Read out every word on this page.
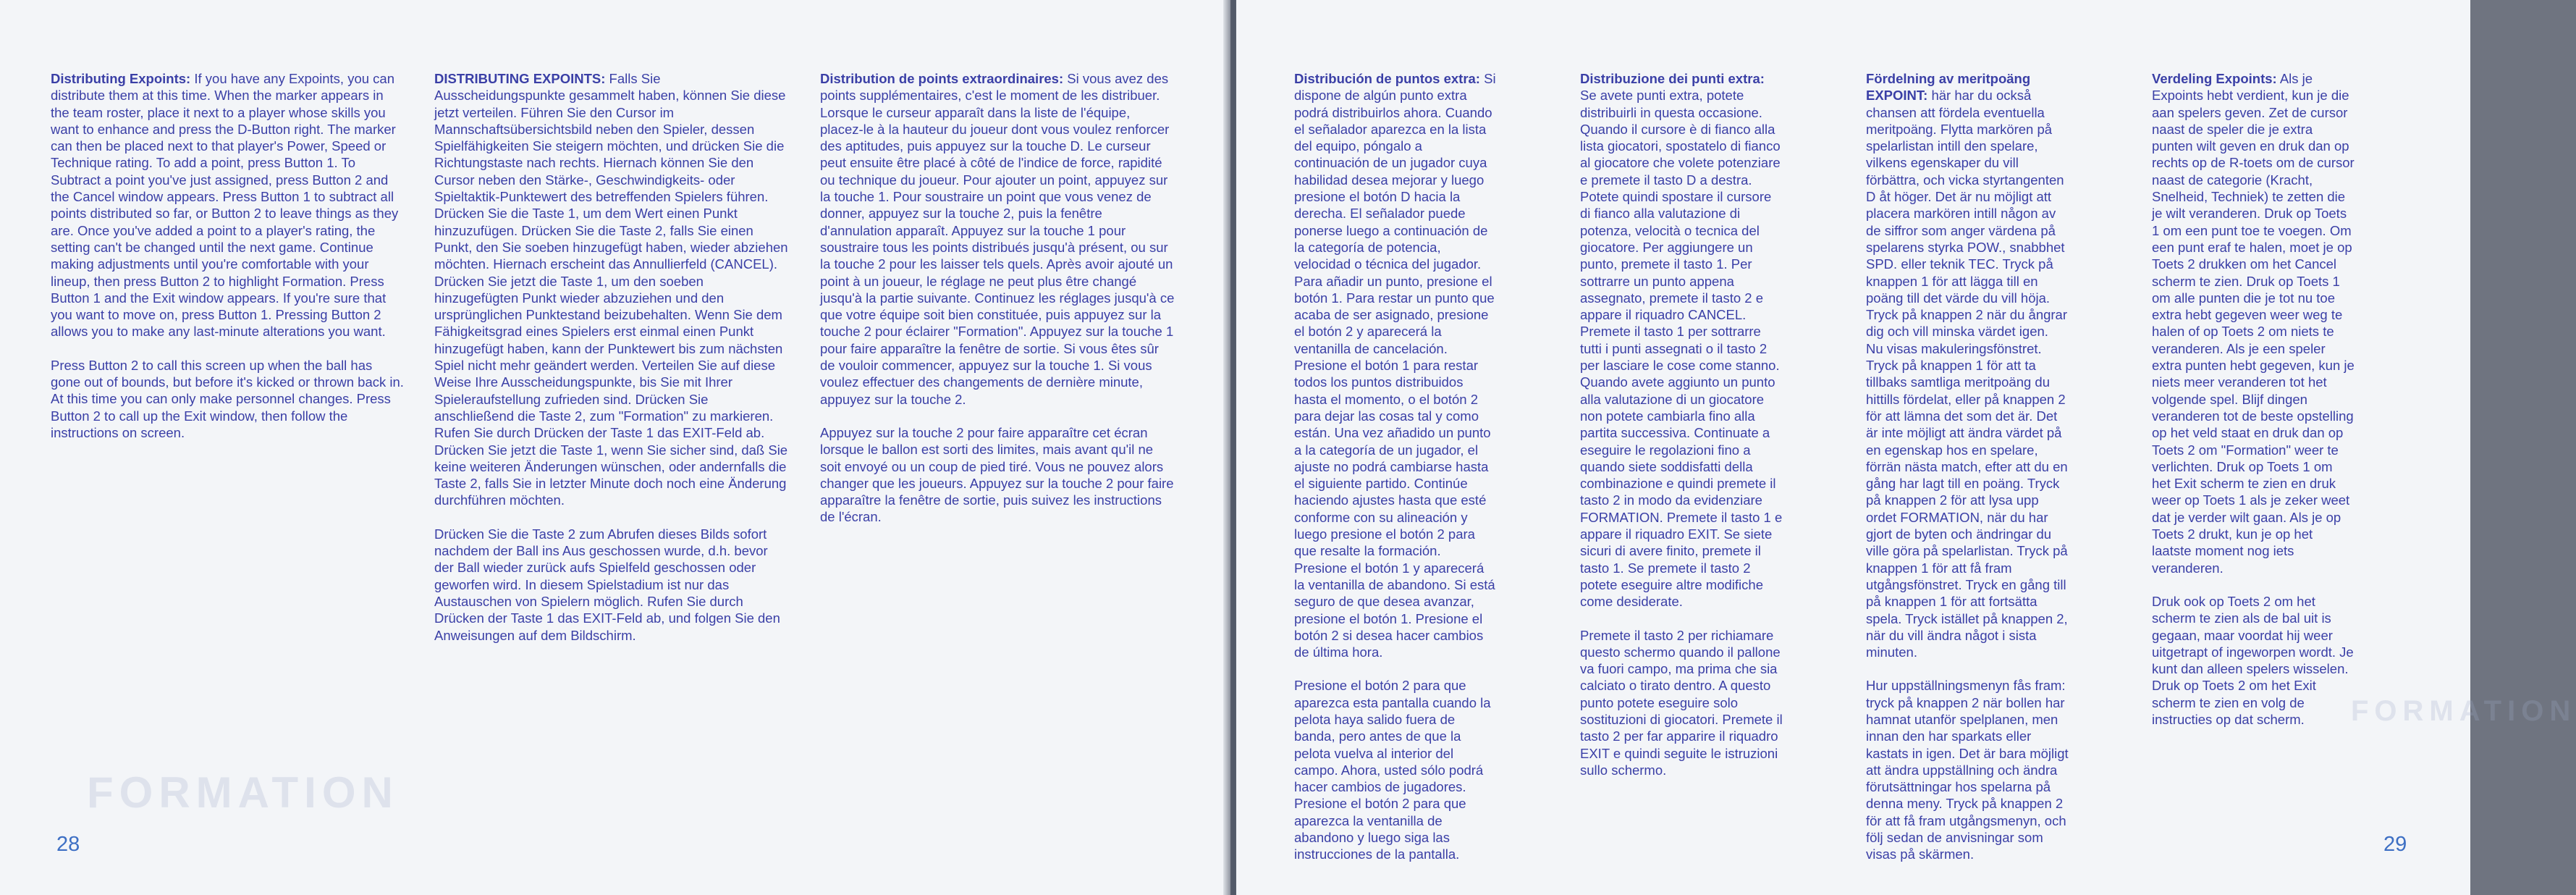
FORMATION

Distributing Expoints: If you have any Expoints, you can distribute them at this time. When the marker appears in the team roster, place it next to a player whose skills you want to enhance and press the D-Button right. The marker can then be placed next to that player's Power, Speed or Technique rating. To add a point, press Button 1. To Subtract a point you've just assigned, press Button 2 and the Cancel window appears. Press Button 1 to subtract all points distributed so far, or Button 2 to leave things as they are. Once you've added a point to a player's rating, the setting can't be changed until the next game. Continue making adjustments until you're comfortable with your lineup, then press Button 2 to highlight Formation. Press Button 1 and the Exit window appears. If you're sure that you want to move on, press Button 1. Pressing Button 2 allows you to make any last-minute alterations you want.

Press Button 2 to call this screen up when the ball has gone out of bounds, but before it's kicked or thrown back in. At this time you can only make personnel changes. Press Button 2 to call up the Exit window, then follow the instructions on screen.

DISTRIBUTING EXPOINTS: Falls Sie Ausscheidungspunkte gesammelt haben, können Sie diese jetzt verteilen. Führen Sie den Cursor im Mannschaftsübersichtsbild neben den Spieler, dessen Spielfähigkeiten Sie steigern möchten, und drücken Sie die Richtungstaste nach rechts. Hiernach können Sie den Cursor neben den Stärke-, Geschwindigkeits- oder Spieltaktik-Punktewert des betreffenden Spielers führen. Drücken Sie die Taste 1, um dem Wert einen Punkt hinzuzufügen. Drücken Sie die Taste 2, falls Sie einen Punkt, den Sie soeben hinzugefügt haben, wieder abziehen möchten. Hiernach erscheint das Annullierfeld (CANCEL). Drücken Sie jetzt die Taste 1, um den soeben hinzugefügten Punkt wieder abzuziehen und den ursprünglichen Punktestand beizubehalten. Wenn Sie dem Fähigkeitsgrad eines Spielers erst einmal einen Punkt hinzugefügt haben, kann der Punktewert bis zum nächsten Spiel nicht mehr geändert werden. Verteilen Sie auf diese Weise Ihre Ausscheidungspunkte, bis Sie mit Ihrer Spieleraufstellung zufrieden sind. Drücken Sie anschließend die Taste 2, zum "Formation" zu markieren. Rufen Sie durch Drücken der Taste 1 das EXIT-Feld ab. Drücken Sie jetzt die Taste 1, wenn Sie sicher sind, daß Sie keine weiteren Änderungen wünschen, oder andernfalls die Taste 2, falls Sie in letzter Minute doch noch eine Änderung durchführen möchten.

Drücken Sie die Taste 2 zum Abrufen dieses Bilds sofort nachdem der Ball ins Aus geschossen wurde, d.h. bevor der Ball wieder zurück aufs Spielfeld geschossen oder geworfen wird. In diesem Spielstadium ist nur das Austauschen von Spielern möglich. Rufen Sie durch Drücken der Taste 1 das EXIT-Feld ab, und folgen Sie den Anweisungen auf dem Bildschirm.

Distribution de points extraordinaires: Si vous avez des points supplémentaires, c'est le moment de les distribuer. Lorsque le curseur apparaît dans la liste de l'équipe, placez-le à la hauteur du joueur dont vous voulez renforcer des aptitudes, puis appuyez sur la touche D. Le curseur peut ensuite être placé à côté de l'indice de force, rapidité ou technique du joueur. Pour ajouter un point, appuyez sur la touche 1. Pour soustraire un point que vous venez de donner, appuyez sur la touche 2, puis la fenêtre d'annulation apparaît. Appuyez sur la touche 1 pour soustraire tous les points distribués jusqu'à présent, ou sur la touche 2 pour les laisser tels quels. Après avoir ajouté un point à un joueur, le réglage ne peut plus être changé jusqu'à la partie suivante. Continuez les réglages jusqu'à ce que votre équipe soit bien constituée, puis appuyez sur la touche 2 pour éclairer "Formation". Appuyez sur la touche 1 pour faire apparaître la fenêtre de sortie. Si vous êtes sûr de vouloir commencer, appuyez sur la touche 1. Si vous voulez effectuer des changements de dernière minute, appuyez sur la touche 2.

Appuyez sur la touche 2 pour faire apparaître cet écran lorsque le ballon est sorti des limites, mais avant qu'il ne soit envoyé ou un coup de pied tiré. Vous ne pouvez alors changer que les joueurs. Appuyez sur la touche 2 pour faire apparaître la fenêtre de sortie, puis suivez les instructions de l'écran.

28
FORMATION

Distribución de puntos extra: Si dispone de algún punto extra podrá distribuirlos ahora. Cuando el señalador aparezca en la lista del equipo, póngalo a continuación de un jugador cuya habilidad desea mejorar y luego presione el botón D hacia la derecha. El señalador puede ponerse luego a continuación de la categoría de potencia, velocidad o técnica del jugador. Para añadir un punto, presione el botón 1. Para restar un punto que acaba de ser asignado, presione el botón 2 y aparecerá la ventanilla de cancelación. Presione el botón 1 para restar todos los puntos distribuidos hasta el momento, o el botón 2 para dejar las cosas tal y como están. Una vez añadido un punto a la categoría de un jugador, el ajuste no podrá cambiarse hasta el siguiente partido. Continúe haciendo ajustes hasta que esté conforme con su alineación y luego presione el botón 2 para que resalte la formación. Presione el botón 1 y aparecerá la ventanilla de abandono. Si está seguro de que desea avanzar, presione el botón 1. Presione el botón 2 si desea hacer cambios de última hora.

Presione el botón 2 para que aparezca esta pantalla cuando la pelota haya salido fuera de banda, pero antes de que la pelota vuelva al interior del campo. Ahora, usted sólo podrá hacer cambios de jugadores. Presione el botón 2 para que aparezca la ventanilla de abandono y luego siga las instrucciones de la pantalla.

Distribuzione dei punti extra: Se avete punti extra, potete distribuirli in questa occasione. Quando il cursore è di fianco alla lista giocatori, spostatelo di fianco al giocatore che volete potenziare e premete il tasto D a destra. Potete quindi spostare il cursore di fianco alla valutazione di potenza, velocità o tecnica del giocatore. Per aggiungere un punto, premete il tasto 1. Per sottrarre un punto appena assegnato, premete il tasto 2 e appare il riquadro CANCEL. Premete il tasto 1 per sottrarre tutti i punti assegnati o il tasto 2 per lasciare le cose come stanno. Quando avete aggiunto un punto alla valutazione di un giocatore non potete cambiarla fino alla partita successiva. Continuate a eseguire le regolazioni fino a quando siete soddisfatti della combinazione e quindi premete il tasto 2 in modo da evidenziare FORMATION. Premete il tasto 1 e appare il riquadro EXIT. Se siete sicuri di avere finito, premete il tasto 1. Se premete il tasto 2 potete eseguire altre modifiche come desiderate.

Premete il tasto 2 per richiamare questo schermo quando il pallone va fuori campo, ma prima che sia calciato o tirato dentro. A questo punto potete eseguire solo sostituzioni di giocatori. Premete il tasto 2 per far apparire il riquadro EXIT e quindi seguite le istruzioni sullo schermo.

Fördelning av meritpoäng EXPOINT: här har du också chansen att fördela eventuella meritpoäng. Flytta markören på spelarlistan intill den spelare, vilkens egenskaper du vill förbättra, och vicka styrtangenten D åt höger. Det är nu möjligt att placera markören intill någon av de siffror som anger värdena på spelarens styrka POW., snabbhet SPD. eller teknik TEC. Tryck på knappen 1 för att lägga till en poäng till det värde du vill höja. Tryck på knappen 2 när du ångrar dig och vill minska värdet igen. Nu visas makuleringsfönstret. Tryck på knappen 1 för att ta tillbaks samtliga meritpoäng du hittills fördelat, eller på knappen 2 för att lämna det som det är. Det är inte möjligt att ändra värdet på en egenskap hos en spelare, förrän nästa match, efter att du en gång har lagt till en poäng. Tryck på knappen 2 för att lysa upp ordet FORMATION, när du har gjort de byten och ändringar du ville göra på spelarlistan. Tryck på knappen 1 för att få fram utgångsfönstret. Tryck en gång till på knappen 1 för att fortsätta spela. Tryck istället på knappen 2, när du vill ändra något i sista minuten.

Hur uppställningsmenyn fås fram: tryck på knappen 2 när bollen har hamnat utanför spelplanen, men innan den har sparkats eller kastats in igen. Det är bara möjligt att ändra uppställning och ändra förutsättningar hos spelarna på denna meny. Tryck på knappen 2 för att få fram utgångsmenyn, och följ sedan de anvisningar som visas på skärmen.

Verdeling Expoints: Als je Expoints hebt verdient, kun je die aan spelers geven. Zet de cursor naast de speler die je extra punten wilt geven en druk dan op rechts op de R-toets om de cursor naast de categorie (Kracht, Snelheid, Techniek) te zetten die je wilt veranderen. Druk op Toets 1 om een punt toe te voegen. Om een punt eraf te halen, moet je op Toets 2 drukken om het Cancel scherm te zien. Druk op Toets 1 om alle punten die je tot nu toe extra hebt gegeven weer weg te halen of op Toets 2 om niets te veranderen. Als je een speler extra punten hebt gegeven, kun je niets meer veranderen tot het volgende spel. Blijf dingen veranderen tot de beste opstelling op het veld staat en druk dan op Toets 2 om "Formation" weer te verlichten. Druk op Toets 1 om het Exit scherm te zien en druk weer op Toets 1 als je zeker weet dat je verder wilt gaan. Als je op Toets 2 drukt, kun je op het laatste moment nog iets veranderen.

Druk ook op Toets 2 om het scherm te zien als de bal uit is gegaan, maar voordat hij weer uitgetrapt of ingeworpen wordt. Je kunt dan alleen spelers wisselen. Druk op Toets 2 om het Exit scherm te zien en volg de instructies op dat scherm.

29
